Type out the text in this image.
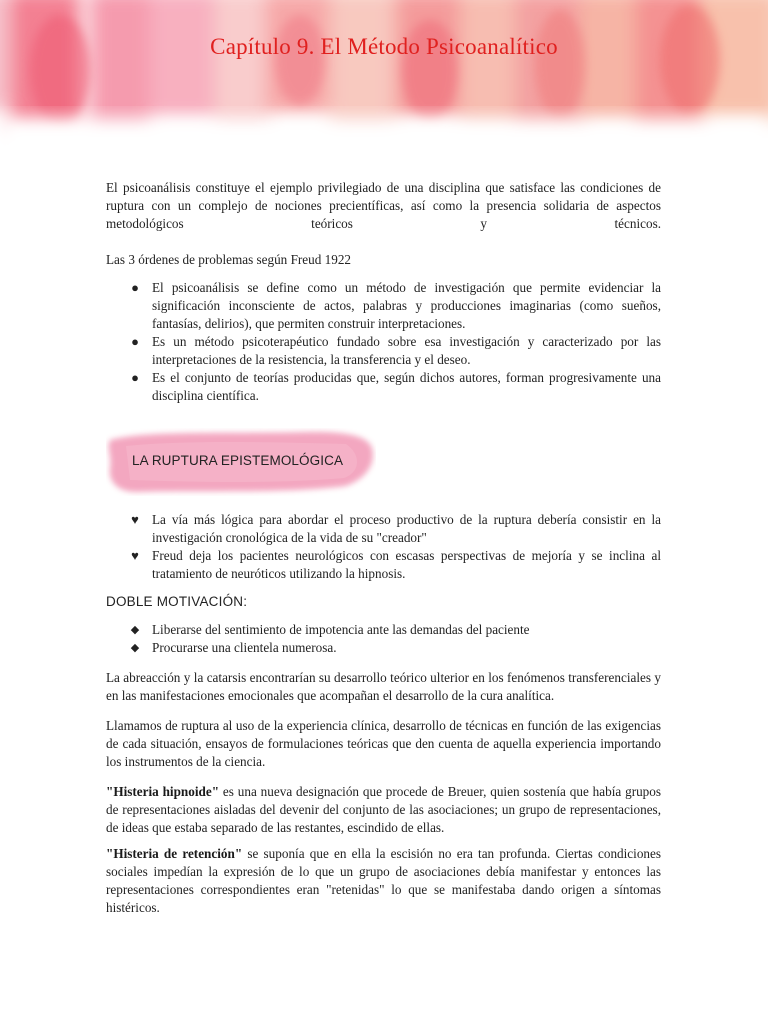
Capítulo 9. El Método Psicoanalítico

El psicoanálisis constituye el ejemplo privilegiado de una disciplina que satisface las condiciones de ruptura con un complejo de nociones precientíficas, así como la presencia solidaria de aspectos metodológicos teóricos y técnicos.

Las 3 órdenes de problemas según Freud 1922

● El psicoanálisis se define como un método de investigación que permite evidenciar la significación inconsciente de actos, palabras y producciones imaginarias (como sueños, fantasías, delirios), que permiten construir interpretaciones.
● Es un método psicoterapéutico fundado sobre esa investigación y caracterizado por las interpretaciones de la resistencia, la transferencia y el deseo.
● Es el conjunto de teorías producidas que, según dichos autores, forman progresivamente una disciplina científica.
LA RUPTURA EPISTEMOLÓGICA
♥ La vía más lógica para abordar el proceso productivo de la ruptura debería consistir en la investigación cronológica de la vida de su "creador"
♥ Freud deja los pacientes neurológicos con escasas perspectivas de mejoría y se inclina al tratamiento de neuróticos utilizando la hipnosis.

DOBLE MOTIVACIÓN:

◆ Liberarse del sentimiento de impotencia ante las demandas del paciente
◆ Procurarse una clientela numerosa.

La abreacción y la catarsis encontrarían su desarrollo teórico ulterior en los fenómenos transferenciales y en las manifestaciones emocionales que acompañan el desarrollo de la cura analítica.

Llamamos de ruptura al uso de la experiencia clínica, desarrollo de técnicas en función de las exigencias de cada situación, ensayos de formulaciones teóricas que den cuenta de aquella experiencia importando los instrumentos de la ciencia.

"Histeria hipnoide" es una nueva designación que procede de Breuer, quien sostenía que había grupos de representaciones aisladas del devenir del conjunto de las asociaciones; un grupo de representaciones, de ideas que estaba separado de las restantes, escindido de ellas.

"Histeria de retención" se suponía que en ella la escisión no era tan profunda. Ciertas condiciones sociales impedían la expresión de lo que un grupo de asociaciones debía manifestar y entonces las representaciones correspondientes eran "retenidas" lo que se manifestaba dando origen a síntomas histéricos.
